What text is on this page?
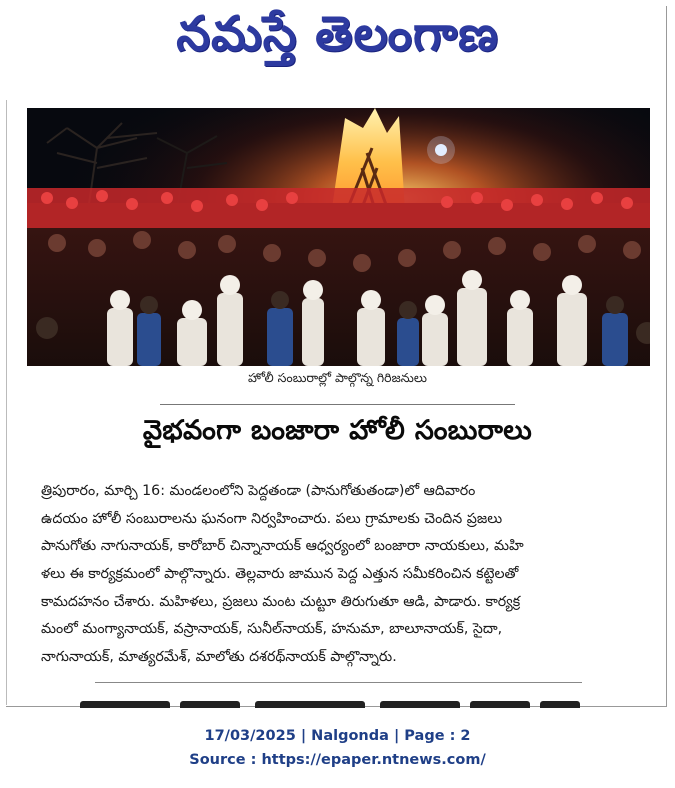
నమస్తే తెలంగాణ
హోలీ సంబురాల్లో పాల్గొన్న గిరిజనులు
వైభవంగా బంజారా హోలీ సంబురాలు
త్రిపురారం, మార్చి 16: మండలంలోని పెద్దతండా (పానుగోతుతండా)లో ఆదివారం
ఉదయం హోలీ సంబురాలను ఘనంగా నిర్వహించారు. పలు గ్రామాలకు చెందిన ప్రజలు
పానుగోతు నాగునాయక్, కారోబార్ చిన్నానాయక్ ఆధ్వర్యంలో బంజారా నాయకులు, మహి
ళలు ఈ కార్యక్రమంలో పాల్గొన్నారు. తెల్లవారు జామున పెద్ద ఎత్తున సమీకరించిన కట్టెలతో
కామదహనం చేశారు. మహిళలు, ప్రజలు మంట చుట్టూ తిరుగుతూ ఆడి, పాడారు. కార్యక్ర
మంలో మంగ్యానాయక్, వస్రానాయక్, సునీల్‌నాయక్, హనుమా, బాలూనాయక్, సైదా,
నాగునాయక్, మాత్యరమేశ్, మాలోతు దశరథ్‌నాయక్ పాల్గొన్నారు.
17/03/2025 | Nalgonda | Page : 2
Source : https://epaper.ntnews.com/
